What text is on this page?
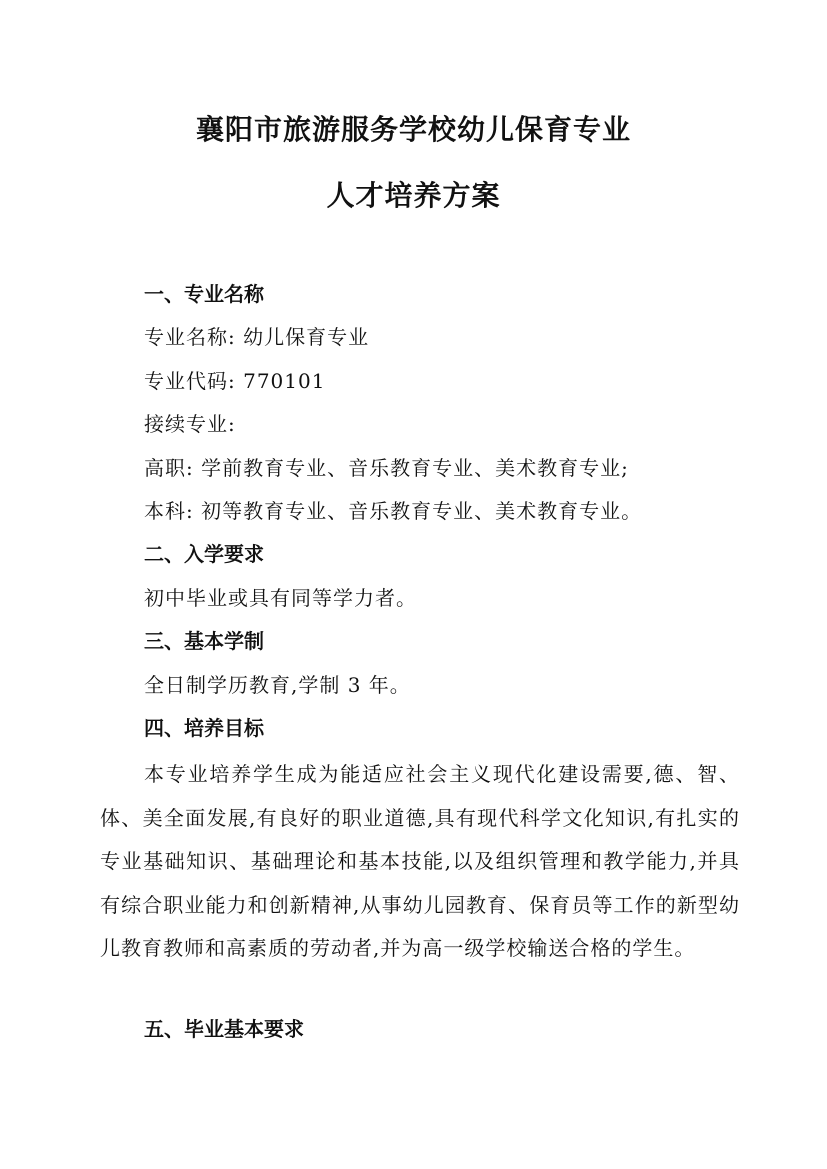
襄阳市旅游服务学校幼儿保育专业
人才培养方案
一、专业名称
专业名称: 幼儿保育专业
专业代码: 770101
接续专业:
高职: 学前教育专业、音乐教育专业、美术教育专业;
本科: 初等教育专业、音乐教育专业、美术教育专业。
二、入学要求
初中毕业或具有同等学力者。
三、基本学制
全日制学历教育,学制 3 年。
四、培养目标

本专业培养学生成为能适应社会主义现代化建设需要,德、智、体、美全面发展,有良好的职业道德,具有现代科学文化知识,有扎实的专业基础知识、基础理论和基本技能,以及组织管理和教学能力,并具有综合职业能力和创新精神,从事幼儿园教育、保育员等工作的新型幼儿教育教师和高素质的劳动者,并为高一级学校输送合格的学生。

五、毕业基本要求
